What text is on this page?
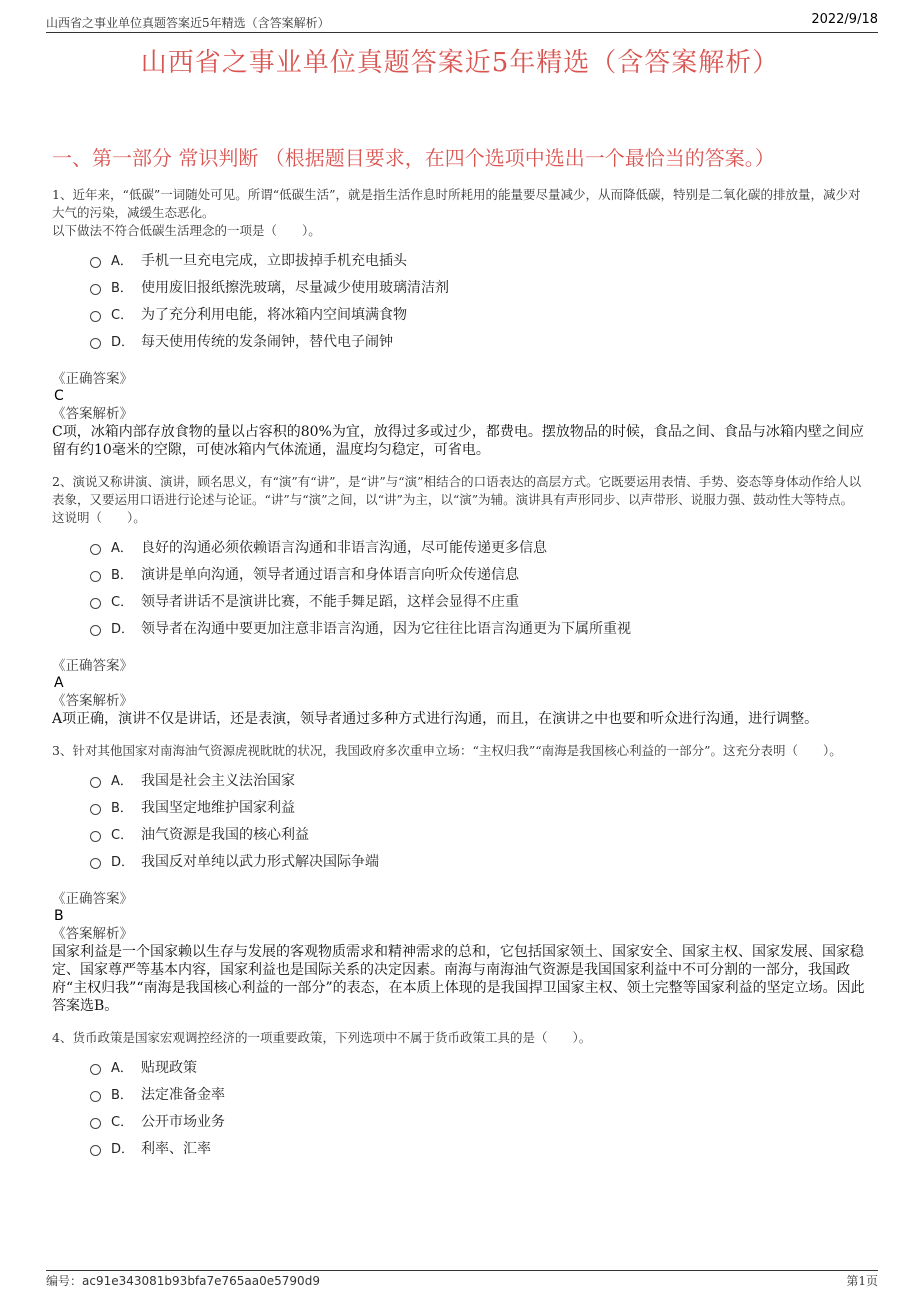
山西省之事业单位真题答案近5年精选（含答案解析）	2022/9/18
山西省之事业单位真题答案近5年精选（含答案解析）
一、第一部分 常识判断 （根据题目要求，在四个选项中选出一个最恰当的答案。）

1、近年来，“低碳”一词随处可见。所谓“低碳生活”，就是指生活作息时所耗用的能量要尽量减少，从而降低碳，特别是二氧化碳的排放量，减少对大气的污染，减缓生态恶化。

以下做法不符合低碳生活理念的一项是（　　）。

A． 手机一旦充电完成，立即拔掉手机充电插头
B． 使用废旧报纸擦洗玻璃，尽量减少使用玻璃清洁剂
C． 为了充分利用电能，将冰箱内空间填满食物
D． 每天使用传统的发条闹钟，替代电子闹钟
《正确答案》
C
《答案解析》

C项，冰箱内部存放食物的量以占容积的80%为宜，放得过多或过少，都费电。摆放物品的时候，食品之间、食品与冰箱内壁之间应留有约10毫米的空隙，可使冰箱内气体流通，温度均匀稳定，可省电。

2、演说又称讲演、演讲，顾名思义，有“演”有“讲”，是“讲”与“演”相结合的口语表达的高层方式。它既要运用表情、手势、姿态等身体动作给人以表象，又要运用口语进行论述与论证。“讲”与“演”之间，以“讲”为主，以“演”为辅。演讲具有声形同步、以声带形、说服力强、鼓动性大等特点。

这说明（　　）。

A． 良好的沟通必须依赖语言沟通和非语言沟通，尽可能传递更多信息
B． 演讲是单向沟通，领导者通过语言和身体语言向听众传递信息
C． 领导者讲话不是演讲比赛，不能手舞足蹈，这样会显得不庄重
D． 领导者在沟通中要更加注意非语言沟通，因为它往往比语言沟通更为下属所重视
《正确答案》
A
《答案解析》

A项正确，演讲不仅是讲话，还是表演，领导者通过多种方式进行沟通，而且，在演讲之中也要和听众进行沟通，进行调整。

3、针对其他国家对南海油气资源虎视眈眈的状况，我国政府多次重申立场：“主权归我”“南海是我国核心利益的一部分”。这充分表明（　　）。

A． 我国是社会主义法治国家
B． 我国坚定地维护国家利益
C． 油气资源是我国的核心利益
D． 我国反对单纯以武力形式解决国际争端
《正确答案》
B
《答案解析》

国家利益是一个国家赖以生存与发展的客观物质需求和精神需求的总和，它包括国家领土、国家安全、国家主权、国家发展、国家稳定、国家尊严等基本内容，国家利益也是国际关系的决定因素。南海与南海油气资源是我国国家利益中不可分割的一部分，我国政府“主权归我”“南海是我国核心利益的一部分”的表态，在本质上体现的是我国捍卫国家主权、领土完整等国家利益的坚定立场。因此答案选B。

4、货币政策是国家宏观调控经济的一项重要政策，下列选项中不属于货币政策工具的是（　　）。

A． 贴现政策
B． 法定准备金率
C． 公开市场业务
D． 利率、汇率
编号：ac91e343081b93bfa7e765aa0e5790d9	第1页
